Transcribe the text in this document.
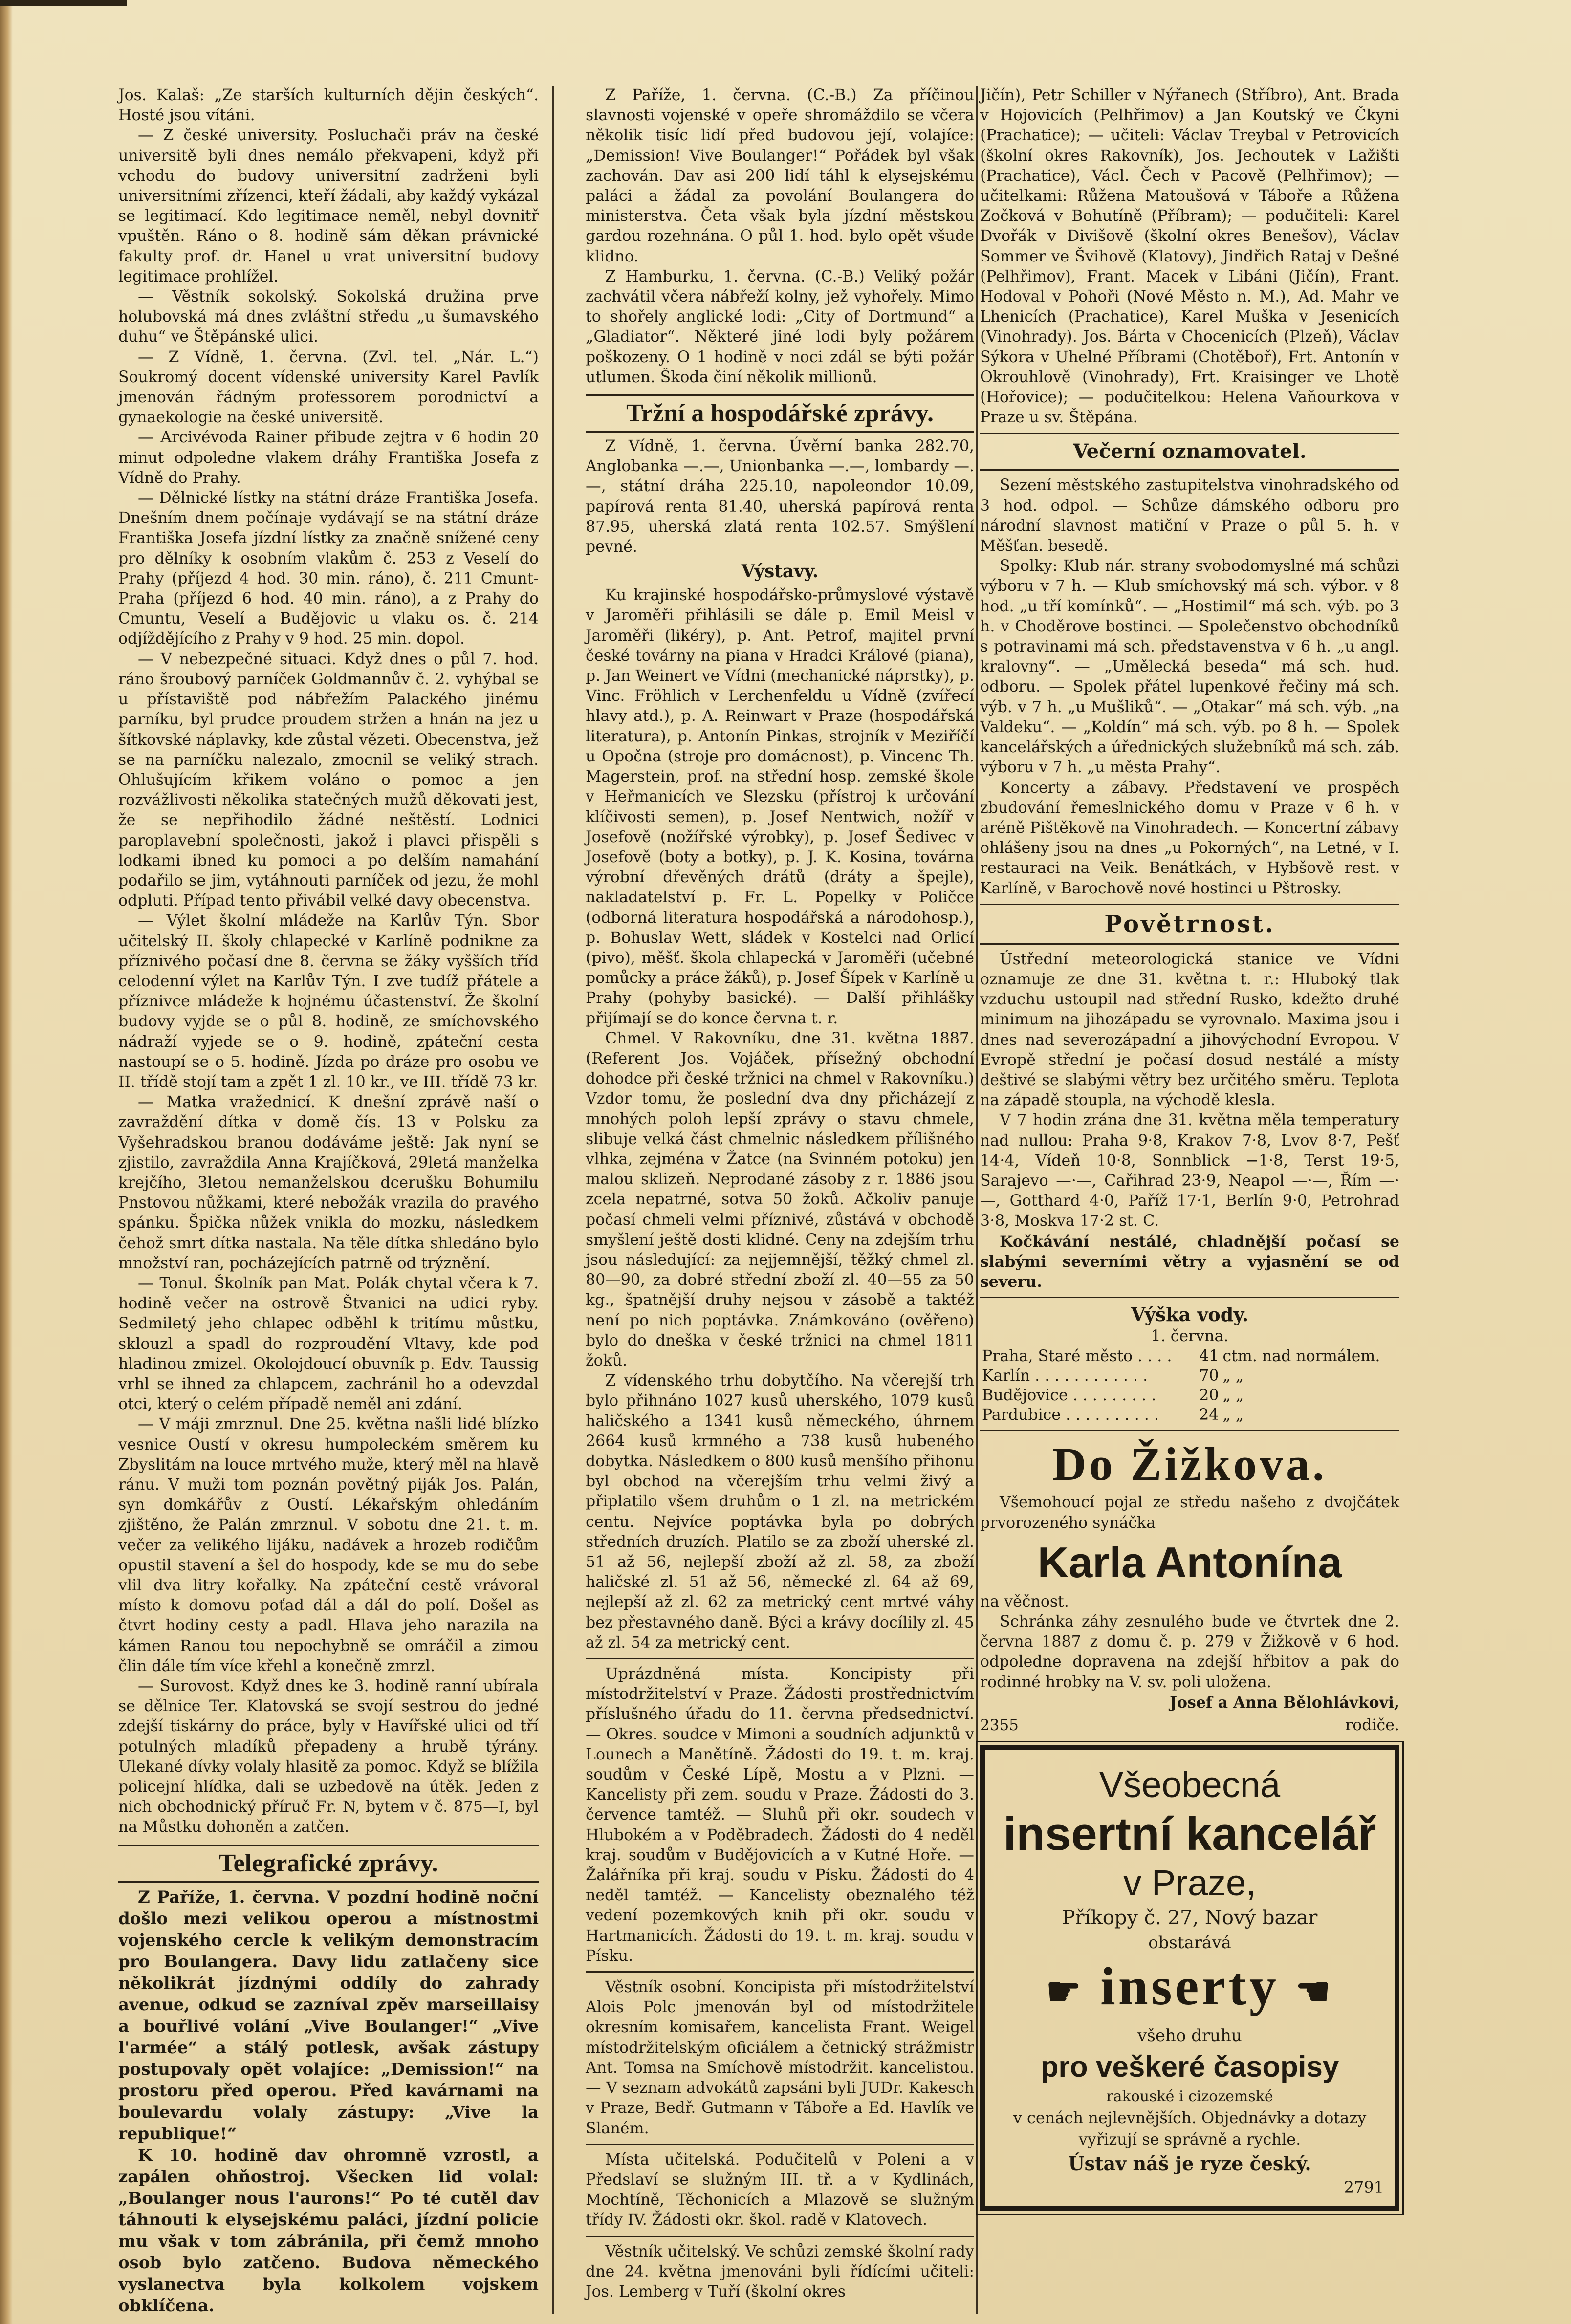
Jos. Kalaš: „Ze starších kulturních dějin českých“. Hosté jsou vítáni.

— Z české university. Posluchači práv na české universitě byli dnes nemálo překvapeni, když při vchodu do budovy universitní zadrženi byli universitními zřízenci, kteří žádali, aby každý vykázal se legitimací. Kdo legitimace neměl, nebyl dovnitř vpuštěn. Ráno o 8. hodině sám děkan právnické fakulty prof. dr. Hanel u vrat universitní budovy legitimace prohlížel.

— Věstník sokolský. Sokolská družina prve holubovská má dnes zvláštní středu „u šumavského duhu“ ve Štěpánské ulici.

— Z Vídně, 1. června. (Zvl. tel. „Nár. L.“) Soukromý docent vídenské university Karel Pavlík jmenován řádným professorem porodnictví a gynaekologie na české universitě.

— Arcivévoda Rainer přibude zejtra v 6 hodin 20 minut odpoledne vlakem dráhy Františka Josefa z Vídně do Prahy.

— Dělnické lístky na státní dráze Františka Josefa. Dnešním dnem počínaje vydávají se na státní dráze Františka Josefa jízdní lístky za značně snížené ceny pro dělníky k osobním vlakům č. 253 z Veselí do Prahy (příjezd 4 hod. 30 min. ráno), č. 211 Cmunt-Praha (příjezd 6 hod. 40 min. ráno), a z Prahy do Cmuntu, Veselí a Budějovic u vlaku os. č. 214 odjíždějícího z Prahy v 9 hod. 25 min. dopol.

— V nebezpečné situaci. Když dnes o půl 7. hod. ráno šroubový parníček Goldmannův č. 2. vyhýbal se u přístaviště pod nábřežím Palackého jinému parníku, byl prudce proudem stržen a hnán na jez u šítkovské náplavky, kde zůstal vězeti. Obecenstva, jež se na parníčku nalezalo, zmocnil se veliký strach. Ohlušujícím křikem voláno o pomoc a jen rozvážlivosti několika statečných mužů děkovati jest, že se nepřihodilo žádné neštěstí. Lodnici paroplavební společnosti, jakož i plavci přispěli s lodkami ibned ku pomoci a po delším namahání podařilo se jim, vytáhnouti parníček od jezu, že mohl odpluti. Případ tento přivábil velké davy obecenstva.

— Výlet školní mládeže na Karlův Týn. Sbor učitelský II. školy chlapecké v Karlíně podnikne za příznivého počasí dne 8. června se žáky vyšších tříd celodenní výlet na Karlův Týn. I zve tudíž přátele a příznivce mládeže k hojnému účastenství. Že školní budovy vyjde se o půl 8. hodině, ze smíchovského nádraží vyjede se o 9. hodině, zpáteční cesta nastoupí se o 5. hodině. Jízda po dráze pro osobu ve II. třídě stojí tam a zpět 1 zl. 10 kr., ve III. třídě 73 kr.

— Matka vražednicí. K dnešní zprávě naší o zavraždění dítka v domě čís. 13 v Polsku za Vyšehradskou branou dodáváme ještě: Jak nyní se zjistilo, zavraždila Anna Krajíčková, 29letá manželka krejčího, 3letou nemanželskou dcerušku Bohumilu Pnstovou nůžkami, které nebožák vrazila do pravého spánku. Špička nůžek vnikla do mozku, následkem čehož smrt dítka nastala. Na těle dítka shledáno bylo množství ran, pocházejících patrně od trýznění.

— Tonul. Školník pan Mat. Polák chytal včera k 7. hodině večer na ostrově Štvanici na udici ryby. Sedmiletý jeho chlapec odběhl k tritímu můstku, sklouzl a spadl do rozproudění Vltavy, kde pod hladinou zmizel. Okolojdoucí obuvník p. Edv. Taussig vrhl se ihned za chlapcem, zachránil ho a odevzdal otci, který o celém případě neměl ani zdání.

— V máji zmrznul. Dne 25. května našli lidé blízko vesnice Oustí v okresu humpoleckém směrem ku Zbyslitám na louce mrtvého muže, který měl na hlavě ránu. V muži tom poznán povětný piják Jos. Palán, syn domkářův z Oustí. Lékařským ohledáním zjištěno, že Palán zmrznul. V sobotu dne 21. t. m. večer za velikého lijáku, nadávek a hrozeb rodičům opustil stavení a šel do hospody, kde se mu do sebe vlil dva litry kořalky. Na zpáteční cestě vrávoral místo k domovu poťad dál a dál do polí. Došel as čtvrt hodiny cesty a padl. Hlava jeho narazila na kámen Ranou tou nepochybně se omráčil a zimou člin dále tím více křehl a konečně zmrzl.

— Surovost. Když dnes ke 3. hodině ranní ubírala se dělnice Ter. Klatovská se svojí sestrou do jedné zdejší tiskárny do práce, byly v Havířské ulici od tří potulných mladíků přepadeny a hrubě týrány. Ulekané dívky volaly hlasitě za pomoc. Když se blížila policejní hlídka, dali se uzbedově na útěk. Jeden z nich obchodnický příruč Fr. N, bytem v č. 875—I, byl na Můstku dohoněn a zatčen.

Telegrafické zprávy.

Z Paříže, 1. června. V pozdní hodině noční došlo mezi velikou operou a místnostmi vojenského cercle k velikým demonstracím pro Boulangera. Davy lidu zatlačeny sice několikrát jízdnými oddíly do zahrady avenue, odkud se zazníval zpěv marseillaisy a bouřlivé volání „Vive Boulanger!“ „Vive l'armée“ a stálý potlesk, avšak zástupy postupovaly opět volajíce: „Demission!“ na prostoru před operou. Před kavárnami na boulevardu volaly zástupy: „Vive la republique!“

K 10. hodině dav ohromně vzrostl, a zapálen ohňostroj. Všecken lid volal: „Boulanger nous l'aurons!“ Po té cutěl dav táhnouti k elysejskému paláci, jízdní policie mu však v tom zábránila, při čemž mnoho osob bylo zatčeno. Budova německého vyslanectva byla kolkolem vojskem obklíčena.

Z Paříže, 1. června. (C.-B.) Za příčinou slavnosti vojenské v opeře shromáždilo se včera několik tisíc lidí před budovou její, volajíce: „Demission! Vive Boulanger!“ Pořádek byl však zachován. Dav asi 200 lidí táhl k elysejskému paláci a žádal za povolání Boulangera do ministerstva. Četa však byla jízdní městskou gardou rozehnána. O půl 1. hod. bylo opět všude klidno.

Z Hamburku, 1. června. (C.-B.) Veliký požár zachvátil včera nábřeží kolny, jež vyhořely. Mimo to shořely anglické lodi: „City of Dortmund“ a „Gladiator“. Některé jiné lodi byly požárem poškozeny. O 1 hodině v noci zdál se býti požár utlumen. Škoda činí několik millionů.

Tržní a hospodářské zprávy.

Z Vídně, 1. června. Úvěrní banka 282.70, Anglobanka —.—, Unionbanka —.—, lombardy —.—, státní dráha 225.10, napoleondor 10.09, papírová renta 81.40, uherská papírová renta 87.95, uherská zlatá renta 102.57. Smýšlení pevné.

Výstavy.

Ku krajinské hospodářsko-průmyslové výstavě v Jaroměři přihlásili se dále p. Emil Meisl v Jaroměři (likéry), p. Ant. Petrof, majitel první české továrny na piana v Hradci Králové (piana), p. Jan Weinert ve Vídni (mechanické náprstky), p. Vinc. Fröhlich v Lerchenfeldu u Vídně (zvířecí hlavy atd.), p. A. Reinwart v Praze (hospodářská literatura), p. Antonín Pinkas, strojník v Meziříčí u Opočna (stroje pro domácnost), p. Vincenc Th. Magerstein, prof. na střední hosp. zemské škole v Heřmanicích ve Slezsku (přístroj k určování klíčivosti semen), p. Josef Nentwich, nožíř v Josefově (nožířské výrobky), p. Josef Šedivec v Josefově (boty a botky), p. J. K. Kosina, továrna výrobní dřevěných drátů (dráty a špejle), nakladatelství p. Fr. L. Popelky v Poličce (odborná literatura hospodářská a národohosp.), p. Bohuslav Wett, sládek v Kostelci nad Orlicí (pivo), měšť. škola chlapecká v Jaroměři (učebné pomůcky a práce žáků), p. Josef Šípek v Karlíně u Prahy (pohyby basické). — Další přihlášky přijímají se do konce června t. r.

Chmel. V Rakovníku, dne 31. května 1887. (Referent Jos. Vojáček, přísežný obchodní dohodce při české tržnici na chmel v Rakovníku.) Vzdor tomu, že poslední dva dny přicházejí z mnohých poloh lepší zprávy o stavu chmele, slibuje velká část chmelnic následkem přílišného vlhka, zejména v Žatce (na Svinném potoku) jen malou sklizeň. Neprodané zásoby z r. 1886 jsou zcela nepatrné, sotva 50 žoků. Ačkoliv panuje počasí chmeli velmi příznivé, zůstává v obchodě smyšlení ještě dosti klidné. Ceny na zdejším trhu jsou následující: za nejjemnější, těžký chmel zl. 80—90, za dobré střední zboží zl. 40—55 za 50 kg., špatnější druhy nejsou v zásobě a taktéž není po nich poptávka. Známkováno (ověřeno) bylo do dneška v české tržnici na chmel 1811 žoků.

Z vídenského trhu dobytčího. Na včerejší trh bylo přihnáno 1027 kusů uherského, 1079 kusů haličského a 1341 kusů německého, úhrnem 2664 kusů krmného a 738 kusů hubeného dobytka. Následkem o 800 kusů menšího přihonu byl obchod na včerejším trhu velmi živý a připlatilo všem druhům o 1 zl. na metrickém centu. Nejvíce poptávka byla po dobrých středních druzích. Platilo se za zboží uherské zl. 51 až 56, nejlepší zboží až zl. 58, za zboží haličské zl. 51 až 56, německé zl. 64 až 69, nejlepší až zl. 62 za metrický cent mrtvé váhy bez přestavného daně. Býci a krávy docílily zl. 45 až zl. 54 za metrický cent.

Uprázdněná místa. Koncipisty při místodržitelství v Praze. Žádosti prostřednictvím příslušného úřadu do 11. června předsednictví. — Okres. soudce v Mimoni a soudních adjunktů v Lounech a Manětíně. Žádosti do 19. t. m. kraj. soudům v České Lípě, Mostu a v Plzni. — Kancelisty při zem. soudu v Praze. Žádosti do 3. července tamtéž. — Sluhů při okr. soudech v Hlubokém a v Poděbradech. Žádosti do 4 neděl kraj. soudům v Budějovicích a v Kutné Hoře. — Žalářníka při kraj. soudu v Písku. Žádosti do 4 neděl tamtéž. — Kancelisty obeznalého též vedení pozemkových knih při okr. soudu v Hartmanicích. Žádosti do 19. t. m. kraj. soudu v Písku.

Věstník osobní. Koncipista při místodržitelství Alois Polc jmenován byl od místodržitele okresním komisařem, kancelista Frant. Weigel místodržitelským oficiálem a četnický strážmistr Ant. Tomsa na Smíchově místodržit. kancelistou. — V seznam advokátů zapsáni byli JUDr. Kakesch v Praze, Bedř. Gutmann v Táboře a Ed. Havlík ve Slaném.

Místa učitelská. Podučitelů v Poleni a v Předslaví se služným III. tř. a v Kydlinách, Mochtíně, Těchonicích a Mlazově se služným třídy IV. Žádosti okr. škol. radě v Klatovech.

Věstník učitelský. Ve schůzi zemské školní rady dne 24. května jmenováni byli řídícími učiteli: Jos. Lemberg v Tuří (školní okres

Jičín), Petr Schiller v Nýřanech (Stříbro), Ant. Brada v Hojovicích (Pelhřimov) a Jan Koutský ve Čkyni (Prachatice); — učiteli: Václav Treybal v Petrovicích (školní okres Rakovník), Jos. Jechoutek v Lažišti (Prachatice), Václ. Čech v Pacově (Pelhřimov); — učitelkami: Růžena Matoušová v Táboře a Růžena Zočková v Bohutíně (Příbram); — podučiteli: Karel Dvořák v Divišově (školní okres Benešov), Václav Sommer ve Švihově (Klatovy), Jindřich Rataj v Dešné (Pelhřimov), Frant. Macek v Libáni (Jičín), Frant. Hodoval v Pohoři (Nové Město n. M.), Ad. Mahr ve Lhenicích (Prachatice), Karel Muška v Jesenicích (Vinohrady). Jos. Bárta v Chocenicích (Plzeň), Václav Sýkora v Uhelné Příbrami (Chotěboř), Frt. Antonín v Okrouhlově (Vinohrady), Frt. Kraisinger ve Lhotě (Hořovice); — podučitelkou: Helena Vaňourkova v Praze u sv. Štěpána.

Večerní oznamovatel.

Sezení městského zastupitelstva vinohradského od 3 hod. odpol. — Schůze dámského odboru pro národní slavnost matiční v Praze o půl 5. h. v Měšťan. besedě.

Spolky: Klub nár. strany svobodomyslné má schůzi výboru v 7 h. — Klub smíchovský má sch. výbor. v 8 hod. „u tří komínků“. — „Hostimil“ má sch. výb. po 3 h. v Choděrove bostinci. — Společenstvo obchodníků s potravinami má sch. představenstva v 6 h. „u angl. kralovny“. — „Umělecká beseda“ má sch. hud. odboru. — Spolek přátel lupenkové řečiny má sch. výb. v 7 h. „u Mušliků“. — „Otakar“ má sch. výb. „na Valdeku“. — „Koldín“ má sch. výb. po 8 h. — Spolek kancelářských a úřednických služebníků má sch. záb. výboru v 7 h. „u města Prahy“.

Koncerty a zábavy. Představení ve prospěch zbudování řemeslnického domu v Praze v 6 h. v aréně Pištěkově na Vinohradech. — Koncertní zábavy ohlášeny jsou na dnes „u Pokorných“, na Letné, v I. restauraci na Veik. Benátkách, v Hybšově rest. v Karlíně, v Barochově nové hostinci u Pštrosky.

Povětrnost.

Ústřední meteorologická stanice ve Vídni oznamuje ze dne 31. května t. r.: Hluboký tlak vzduchu ustoupil nad střední Rusko, kdežto druhé minimum na jihozápadu se vyrovnalo. Maxima jsou i dnes nad severozápadní a jihovýchodní Evropou. V Evropě střední je počasí dosud nestálé a místy deštivé se slabými větry bez určitého směru. Teplota na západě stoupla, na východě klesla.

V 7 hodin zrána dne 31. května měla temperatury nad nullou: Praha 9·8, Krakov 7·8, Lvov 8·7, Pešť 14·4, Vídeň 10·8, Sonnblick −1·8, Terst 19·5, Sarajevo —·—, Cařihrad 23·9, Neapol —·—, Řím —·—, Gotthard 4·0, Paříž 17·1, Berlín 9·0, Petrohrad 3·8, Moskva 17·2 st. C.

Kočkávání nestálé, chladnější počasí se slabými severními větry a vyjasnění se od severu.

Výška vody.
1. června.
Praha, Staré město . . . .	41	ctm. nad normálem.
Karlín . . . . . . . . . . . .	70	„ „
Budějovice . . . . . . . . .	20	„ „
Pardubice . . . . . . . . . .	24	„ „
Do Žižkova.

Všemohoucí pojal ze středu našeho z dvojčátek prvorozeného synáčka

Karla Antonína

na věčnost.

Schránka záhy zesnulého bude ve čtvrtek dne 2. června 1887 z domu č. p. 279 v Žižkově v 6 hod. odpoledne dopravena na zdejší hřbitov a pak do rodinné hrobky na V. sv. poli uložena.

Josef a Anna Bělohlávkovi,
2355	rodiče.
Všeobecná
insertní kancelář
v Praze,
Příkopy č. 27, Nový bazar
obstarává
☛ inserty ☚
všeho druhu
pro veškeré časopisy
rakouské i cizozemské
v cenách nejlevnějších. Objednávky a dotazy vyřizují se správně a rychle.
Ústav náš je ryze český.
2791
